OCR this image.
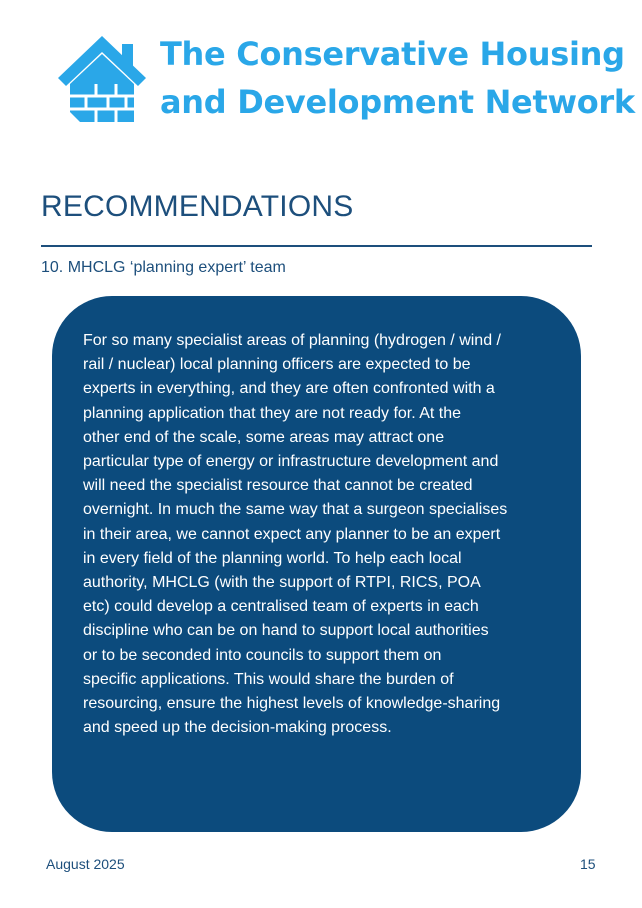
The Conservative Housing
and Development Network
RECOMMENDATIONS
10. MHCLG ‘planning expert’ team

For so many specialist areas of planning (hydrogen / wind /
rail / nuclear) local planning officers are expected to be
experts in everything, and they are often confronted with a
planning application that they are not ready for. At the
other end of the scale, some areas may attract one
particular type of energy or infrastructure development and
will need the specialist resource that cannot be created
overnight. In much the same way that a surgeon specialises
in their area, we cannot expect any planner to be an expert
in every field of the planning world. To help each local
authority, MHCLG (with the support of RTPI, RICS, POA
etc) could develop a centralised team of experts in each
discipline who can be on hand to support local authorities
or to be seconded into councils to support them on
specific applications. This would share the burden of
resourcing, ensure the highest levels of knowledge-sharing
and speed up the decision-making process.

August 2025	15
